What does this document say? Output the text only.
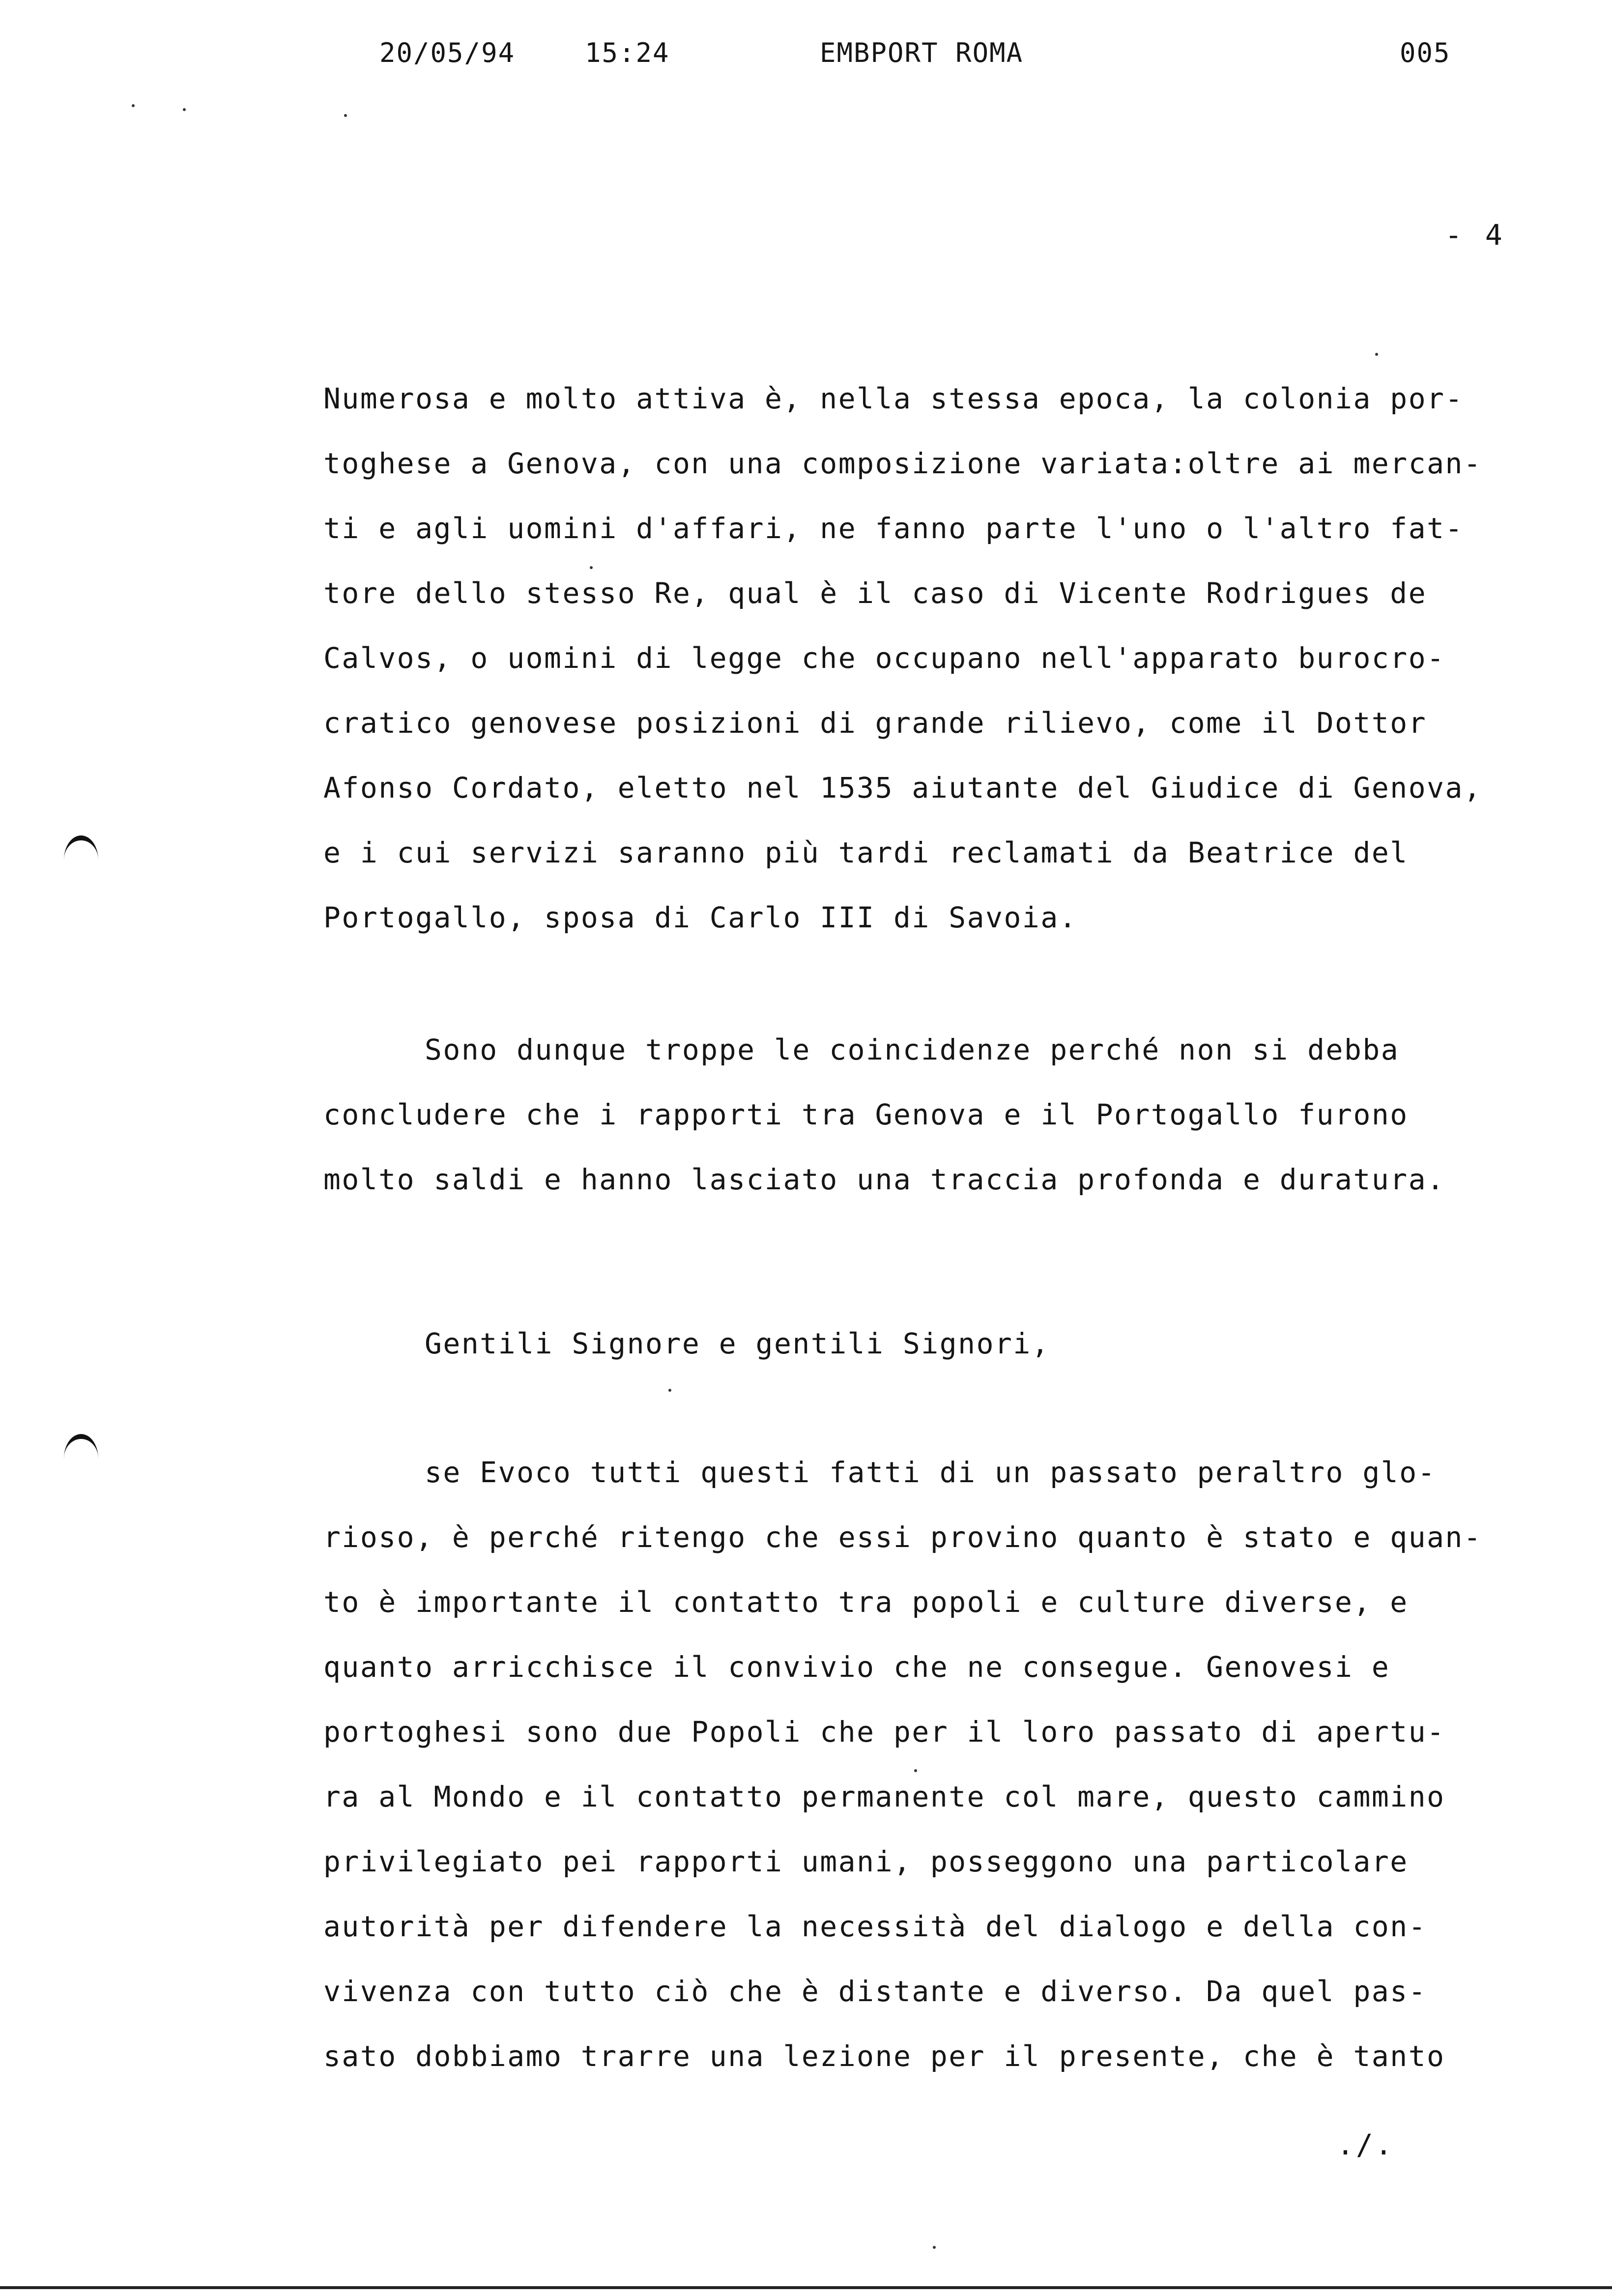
20/05/94	15:24	EMBPORT ROMA	005
- 4
Numerosa e molto attiva è, nella stessa epoca, la colonia por-
toghese a Genova, con una composizione variata:oltre ai mercan-
ti e agli uomini d'affari, ne fanno parte l'uno o l'altro fat-
tore dello stesso Re, qual è il caso di Vicente Rodrigues de
Calvos, o uomini di legge che occupano nell'apparato burocro-
cratico genovese posizioni di grande rilievo, come il Dottor
Afonso Cordato, eletto nel 1535 aiutante del Giudice di Genova,
e i cui servizi saranno più tardi reclamati da Beatrice del
Portogallo, sposa di Carlo III di Savoia.
Sono dunque troppe le coincidenze perché non si debba
concludere che i rapporti tra Genova e il Portogallo furono
molto saldi e hanno lasciato una traccia profonda e duratura.
Gentili Signore e gentili Signori,
se Evoco tutti questi fatti di un passato peraltro glo-
rioso, è perché ritengo che essi provino quanto è stato e quan-
to è importante il contatto tra popoli e culture diverse, e
quanto arricchisce il convivio che ne consegue. Genovesi e
portoghesi sono due Popoli che per il loro passato di apertu-
ra al Mondo e il contatto permanente col mare, questo cammino
privilegiato pei rapporti umani, posseggono una particolare
autorità per difendere la necessità del dialogo e della con-
vivenza con tutto ciò che è distante e diverso. Da quel pas-
sato dobbiamo trarre una lezione per il presente, che è tanto
./.
